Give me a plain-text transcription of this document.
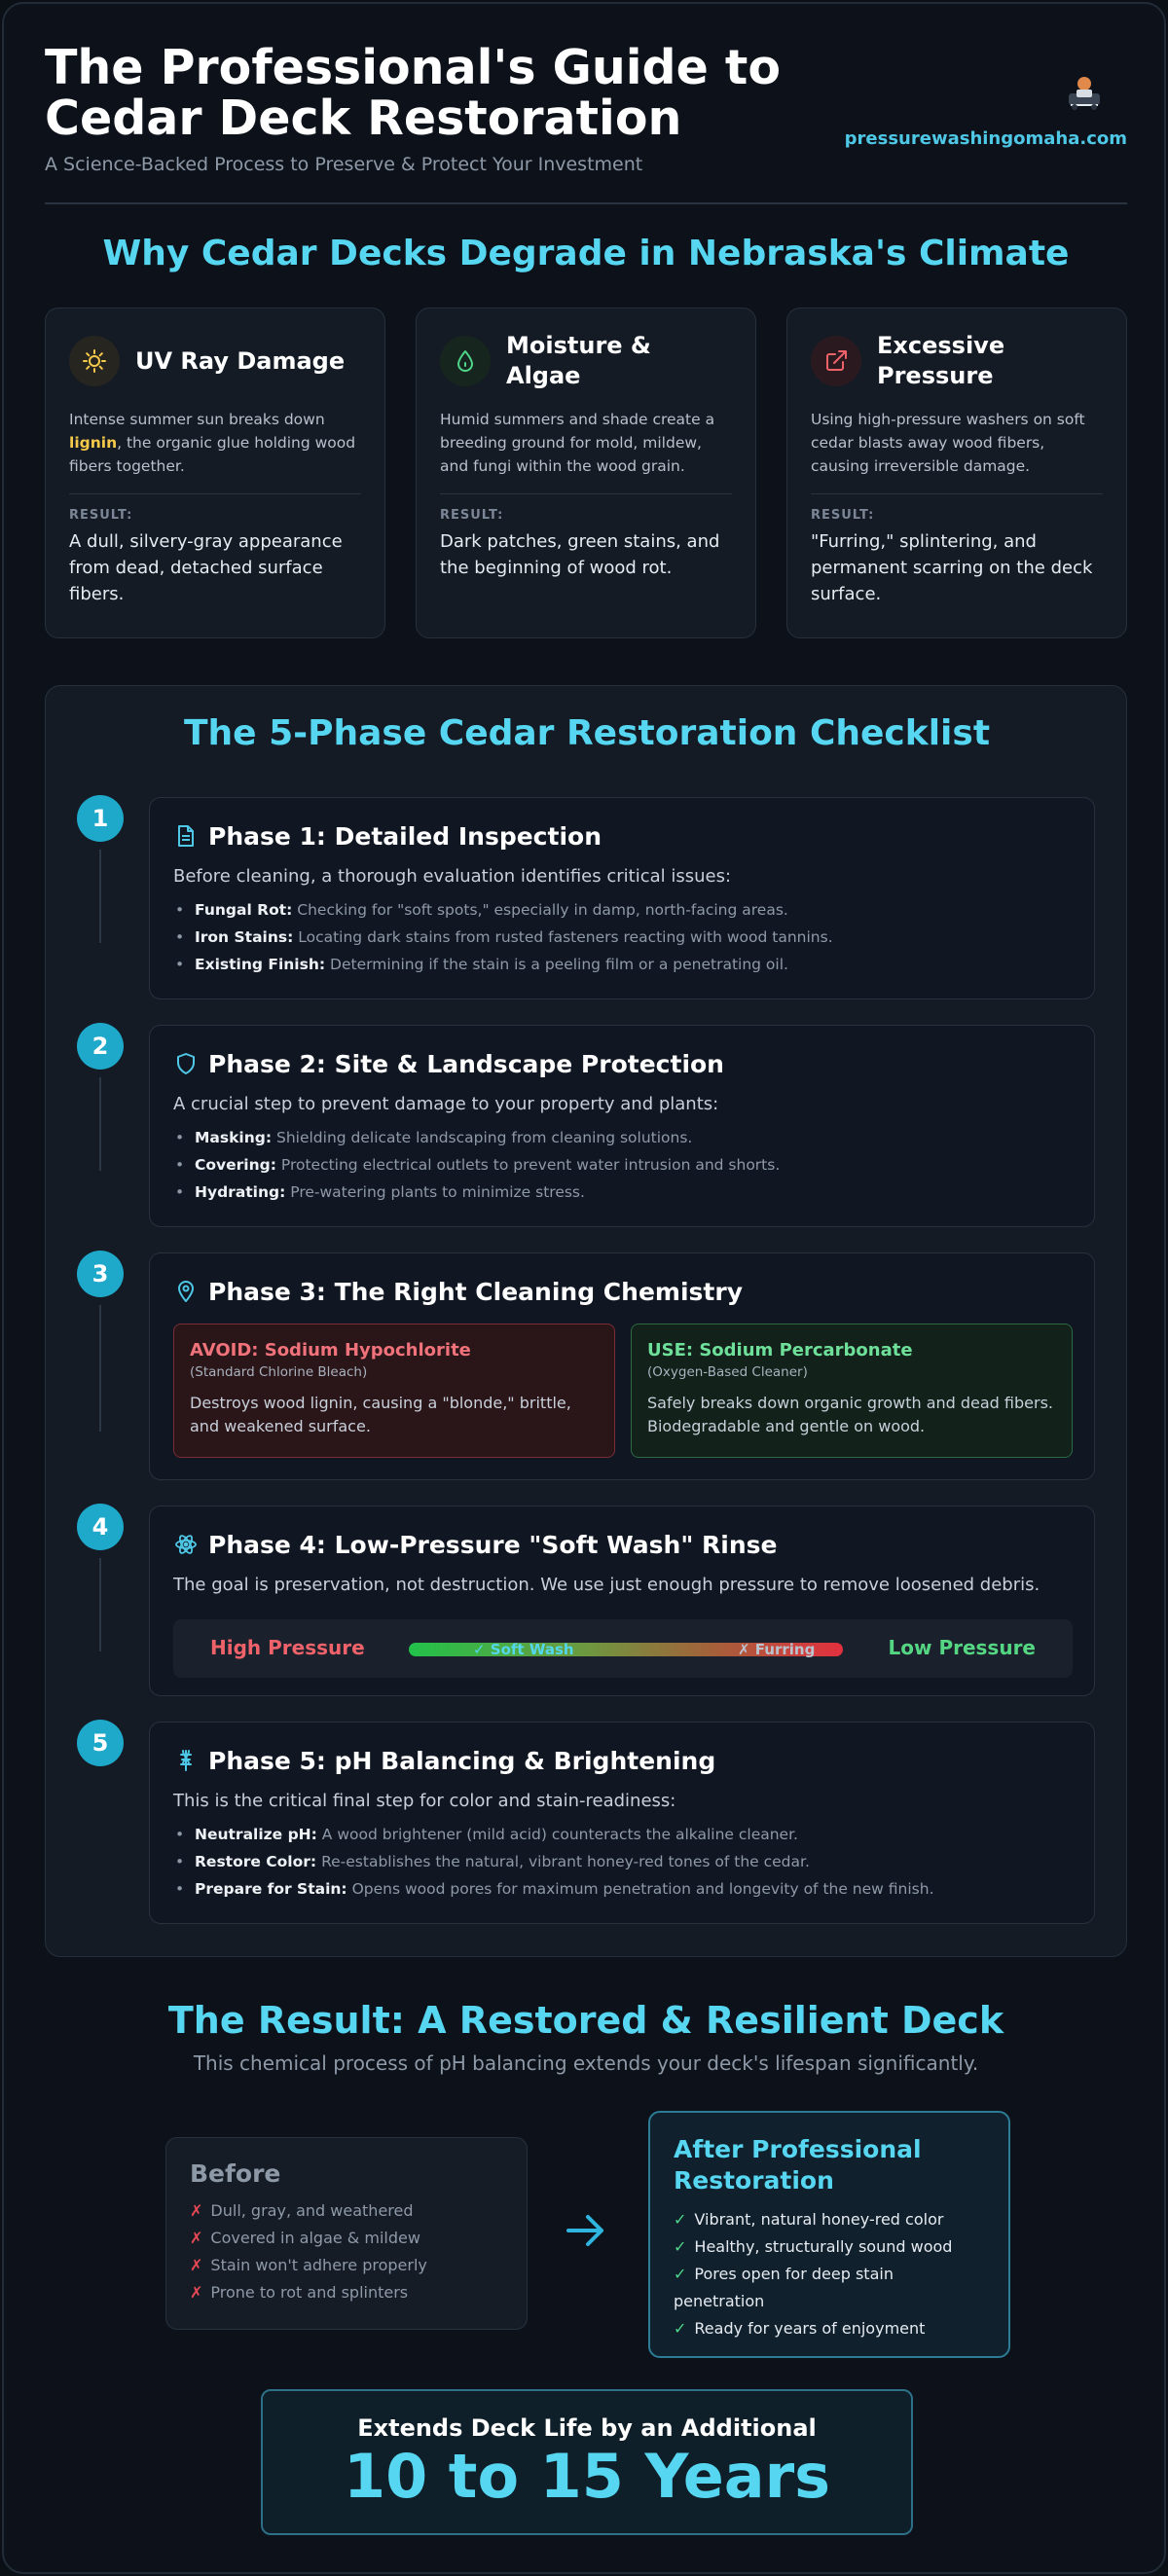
The Professional's Guide to Cedar Deck Restoration
A Science-Backed Process to Preserve & Protect Your Investment
pressurewashingomaha.com
Why Cedar Decks Degrade in Nebraska's Climate
UV Ray Damage
Intense summer sun breaks down lignin, the organic glue holding wood fibers together.
RESULT:
A dull, silvery-gray appearance from dead, detached surface fibers.
Moisture & Algae
Humid summers and shade create a breeding ground for mold, mildew, and fungi within the wood grain.
RESULT:
Dark patches, green stains, and the beginning of wood rot.
Excessive Pressure
Using high-pressure washers on soft cedar blasts away wood fibers, causing irreversible damage.
RESULT:
"Furring," splintering, and permanent scarring on the deck surface.
The 5-Phase Cedar Restoration Checklist
1
Phase 1: Detailed Inspection
Before cleaning, a thorough evaluation identifies critical issues:
• Fungal Rot: Checking for "soft spots," especially in damp, north-facing areas.
• Iron Stains: Locating dark stains from rusted fasteners reacting with wood tannins.
• Existing Finish: Determining if the stain is a peeling film or a penetrating oil.
2
Phase 2: Site & Landscape Protection
A crucial step to prevent damage to your property and plants:
• Masking: Shielding delicate landscaping from cleaning solutions.
• Covering: Protecting electrical outlets to prevent water intrusion and shorts.
• Hydrating: Pre-watering plants to minimize stress.
3
Phase 3: The Right Cleaning Chemistry
AVOID: Sodium Hypochlorite
(Standard Chlorine Bleach)
Destroys wood lignin, causing a "blonde," brittle, and weakened surface.
USE: Sodium Percarbonate
(Oxygen-Based Cleaner)
Safely breaks down organic growth and dead fibers. Biodegradable and gentle on wood.
4
Phase 4: Low-Pressure "Soft Wash" Rinse
The goal is preservation, not destruction. We use just enough pressure to remove loosened debris.
High Pressure	✓ Soft Wash	✗ Furring	Low Pressure
5
Phase 5: pH Balancing & Brightening
This is the critical final step for color and stain-readiness:
• Neutralize pH: A wood brightener (mild acid) counteracts the alkaline cleaner.
• Restore Color: Re-establishes the natural, vibrant honey-red tones of the cedar.
• Prepare for Stain: Opens wood pores for maximum penetration and longevity of the new finish.
The Result: A Restored & Resilient Deck
This chemical process of pH balancing extends your deck's lifespan significantly.
Before
✗ Dull, gray, and weathered
✗ Covered in algae & mildew
✗ Stain won't adhere properly
✗ Prone to rot and splinters
After Professional Restoration
✓ Vibrant, natural honey-red color
✓ Healthy, structurally sound wood
✓ Pores open for deep stain penetration
✓ Ready for years of enjoyment
Extends Deck Life by an Additional
10 to 15 Years
